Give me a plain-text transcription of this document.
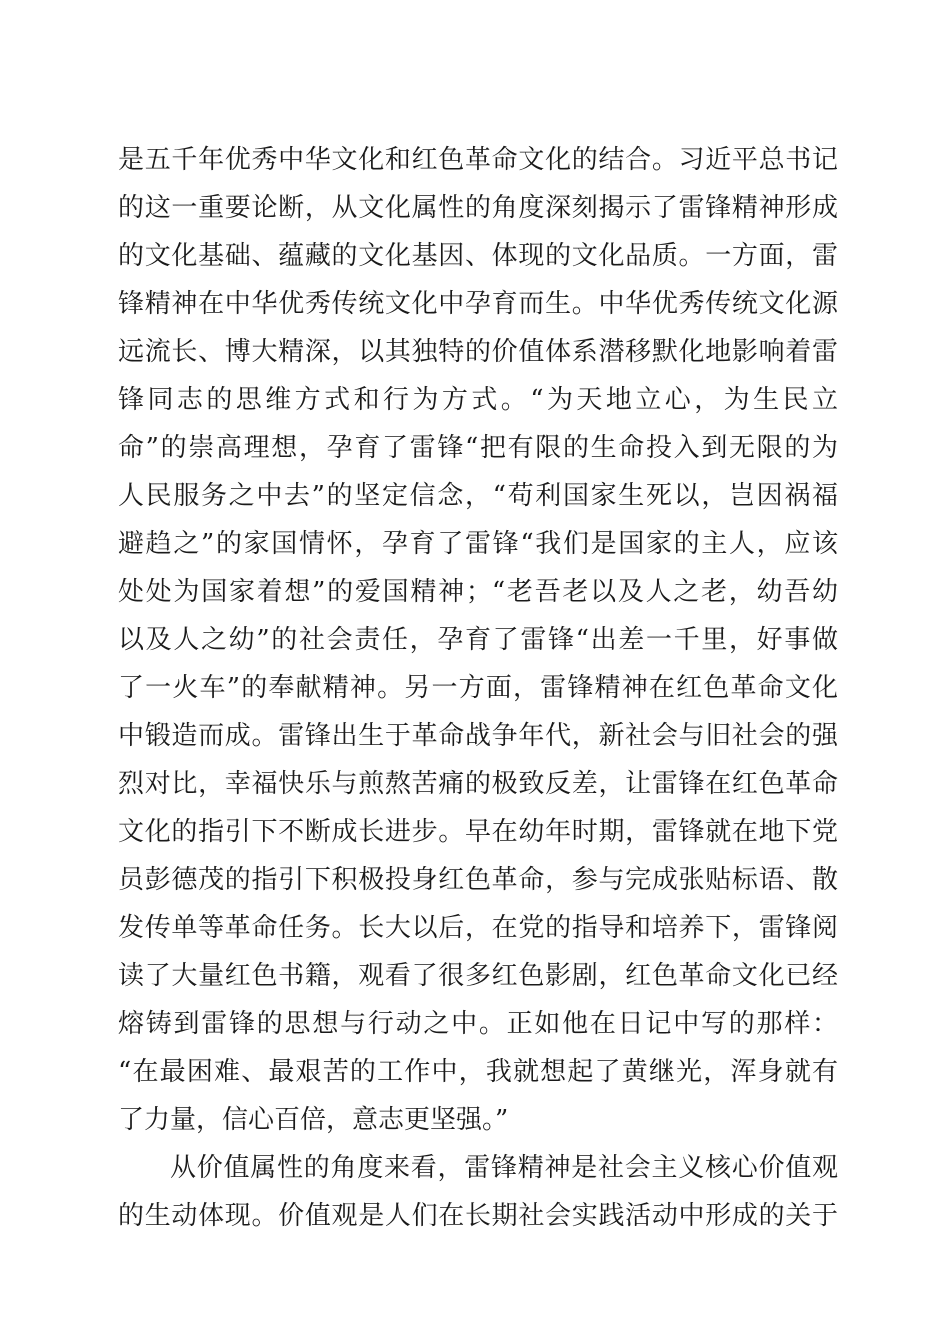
是五千年优秀中华文化和红色革命文化的结合。习近平总书记
的这一重要论断，从文化属性的角度深刻揭示了雷锋精神形成
的文化基础、蕴藏的文化基因、体现的文化品质。一方面，雷
锋精神在中华优秀传统文化中孕育而生。中华优秀传统文化源
远流长、博大精深，以其独特的价值体系潜移默化地影响着雷
锋同志的思维方式和行为方式。“为天地立心，为生民立
命”的崇高理想，孕育了雷锋“把有限的生命投入到无限的为
人民服务之中去”的坚定信念，“苟利国家生死以，岂因祸福
避趋之”的家国情怀，孕育了雷锋“我们是国家的主人，应该
处处为国家着想”的爱国精神；“老吾老以及人之老，幼吾幼
以及人之幼”的社会责任，孕育了雷锋“出差一千里，好事做
了一火车”的奉献精神。另一方面，雷锋精神在红色革命文化
中锻造而成。雷锋出生于革命战争年代，新社会与旧社会的强
烈对比，幸福快乐与煎熬苦痛的极致反差，让雷锋在红色革命
文化的指引下不断成长进步。早在幼年时期，雷锋就在地下党
员彭德茂的指引下积极投身红色革命，参与完成张贴标语、散
发传单等革命任务。长大以后，在党的指导和培养下，雷锋阅
读了大量红色书籍，观看了很多红色影剧，红色革命文化已经
熔铸到雷锋的思想与行动之中。正如他在日记中写的那样：
“在最困难、最艰苦的工作中，我就想起了黄继光，浑身就有
了力量，信心百倍，意志更坚强。”
从价值属性的角度来看，雷锋精神是社会主义核心价值观
的生动体现。价值观是人们在长期社会实践活动中形成的关于
